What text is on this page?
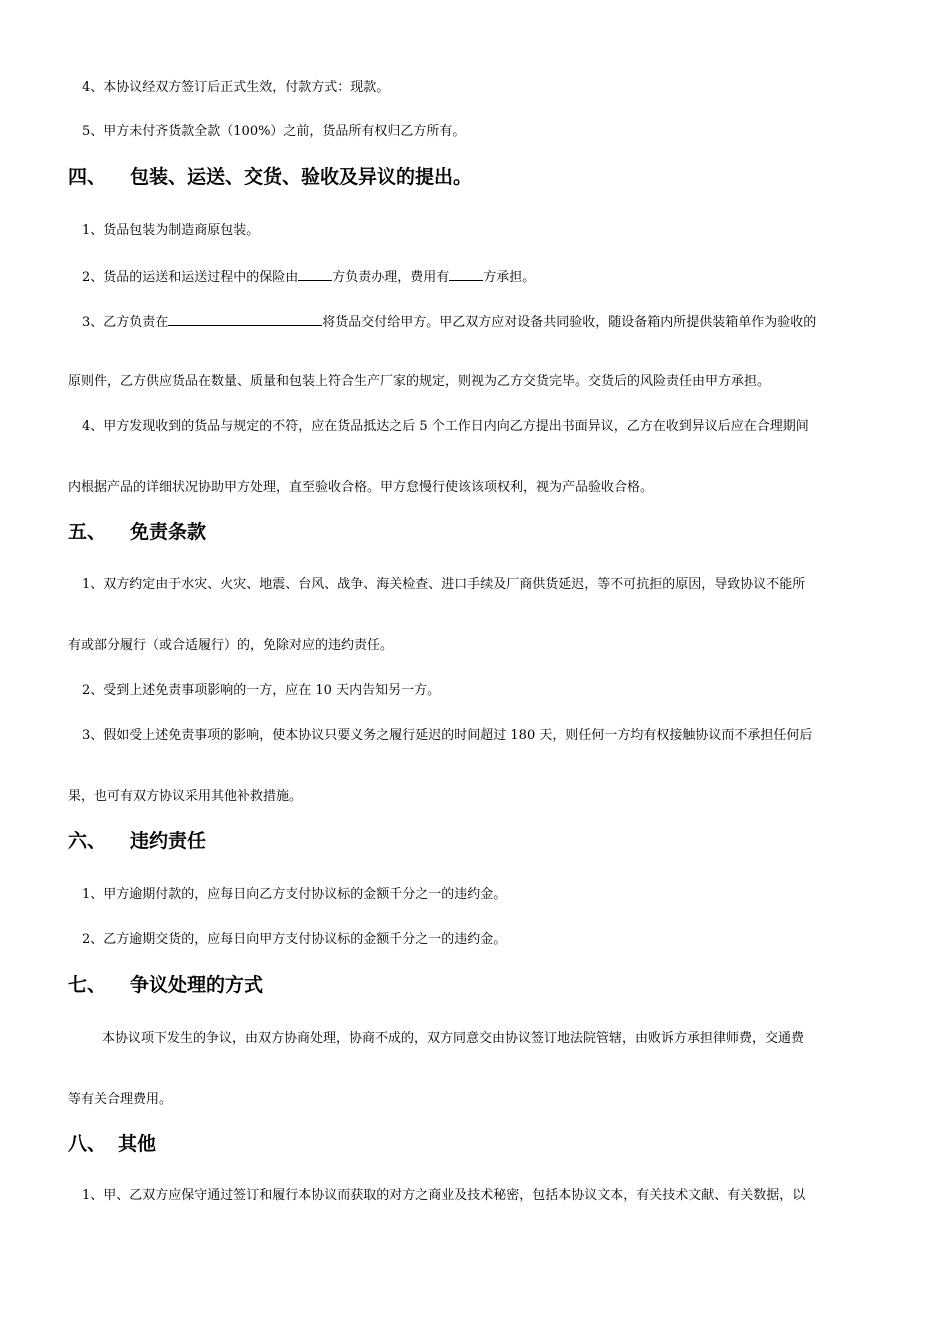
4、本协议经双方签订后正式生效，付款方式：现款。
5、甲方未付齐货款全款（100%）之前，货品所有权归乙方所有。
四、 包装、运送、交货、验收及异议的提出。
1、货品包装为制造商原包装。
2、货品的运送和运送过程中的保险由	方负责办理，费用有	方承担。
3、乙方负责在	将货品交付给甲方。甲乙双方应对设备共同验收，随设备箱内所提供装箱单作为验收的
原则件，乙方供应货品在数量、质量和包装上符合生产厂家的规定，则视为乙方交货完毕。交货后的风险责任由甲方承担。
4、甲方发现收到的货品与规定的不符，应在货品抵达之后 5 个工作日内向乙方提出书面异议，乙方在收到异议后应在合理期间
内根据产品的详细状况协助甲方处理，直至验收合格。甲方怠慢行使该该项权利，视为产品验收合格。
五、 免责条款
1、双方约定由于水灾、火灾、地震、台风、战争、海关检查、进口手续及厂商供货延迟，等不可抗拒的原因，导致协议不能所
有或部分履行（或合适履行）的，免除对应的违约责任。
2、受到上述免责事项影响的一方，应在 10 天内告知另一方。
3、假如受上述免责事项的影响，使本协议只要义务之履行延迟的时间超过 180 天，则任何一方均有权接触协议而不承担任何后
果，也可有双方协议采用其他补救措施。
六、 违约责任
1、甲方逾期付款的，应每日向乙方支付协议标的金额千分之一的违约金。
2、乙方逾期交货的，应每日向甲方支付协议标的金额千分之一的违约金。
七、 争议处理的方式
本协议项下发生的争议，由双方协商处理，协商不成的，双方同意交由协议签订地法院管辖，由败诉方承担律师费，交通费
等有关合理费用。
八、 其他
1、甲、乙双方应保守通过签订和履行本协议而获取的对方之商业及技术秘密，包括本协议文本，有关技术文献、有关数据，以
